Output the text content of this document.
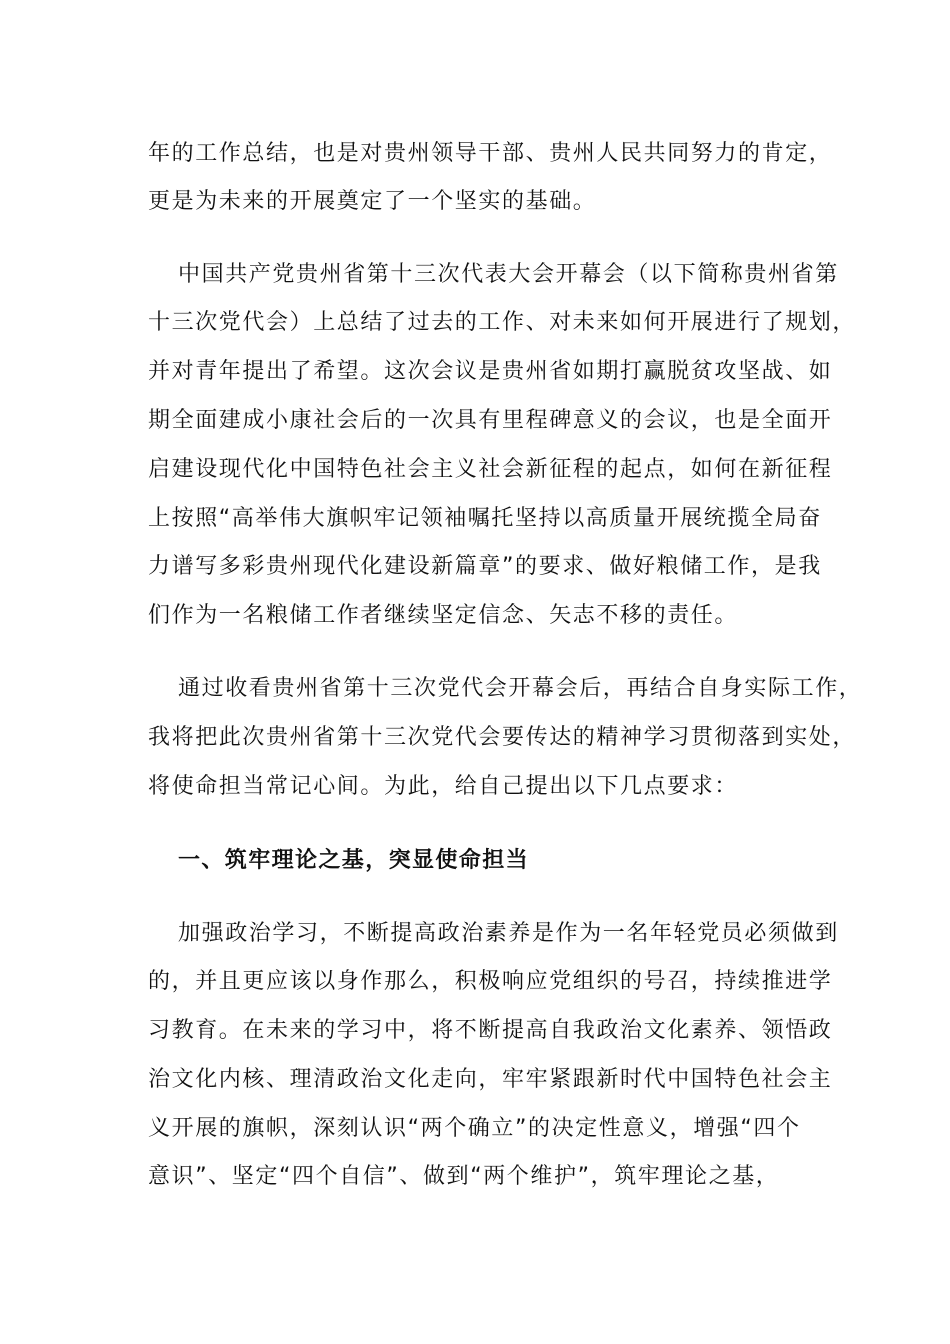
年的工作总结，也是对贵州领导干部、贵州人民共同努力的肯定，
更是为未来的开展奠定了一个坚实的基础。
中国共产党贵州省第十三次代表大会开幕会（以下简称贵州省第
十三次党代会）上总结了过去的工作、对未来如何开展进行了规划，
并对青年提出了希望。这次会议是贵州省如期打赢脱贫攻坚战、如
期全面建成小康社会后的一次具有里程碑意义的会议，也是全面开
启建设现代化中国特色社会主义社会新征程的起点，如何在新征程
上按照“高举伟大旗帜牢记领袖嘱托坚持以高质量开展统揽全局奋
力谱写多彩贵州现代化建设新篇章”的要求、做好粮储工作，是我
们作为一名粮储工作者继续坚定信念、矢志不移的责任。
通过收看贵州省第十三次党代会开幕会后，再结合自身实际工作，
我将把此次贵州省第十三次党代会要传达的精神学习贯彻落到实处，
将使命担当常记心间。为此，给自己提出以下几点要求：
一、筑牢理论之基，突显使命担当
加强政治学习，不断提高政治素养是作为一名年轻党员必须做到
的，并且更应该以身作那么，积极响应党组织的号召，持续推进学
习教育。在未来的学习中，将不断提高自我政治文化素养、领悟政
治文化内核、理清政治文化走向，牢牢紧跟新时代中国特色社会主
义开展的旗帜，深刻认识“两个确立”的决定性意义，增强“四个
意识”、坚定“四个自信”、做到“两个维护”，筑牢理论之基，
